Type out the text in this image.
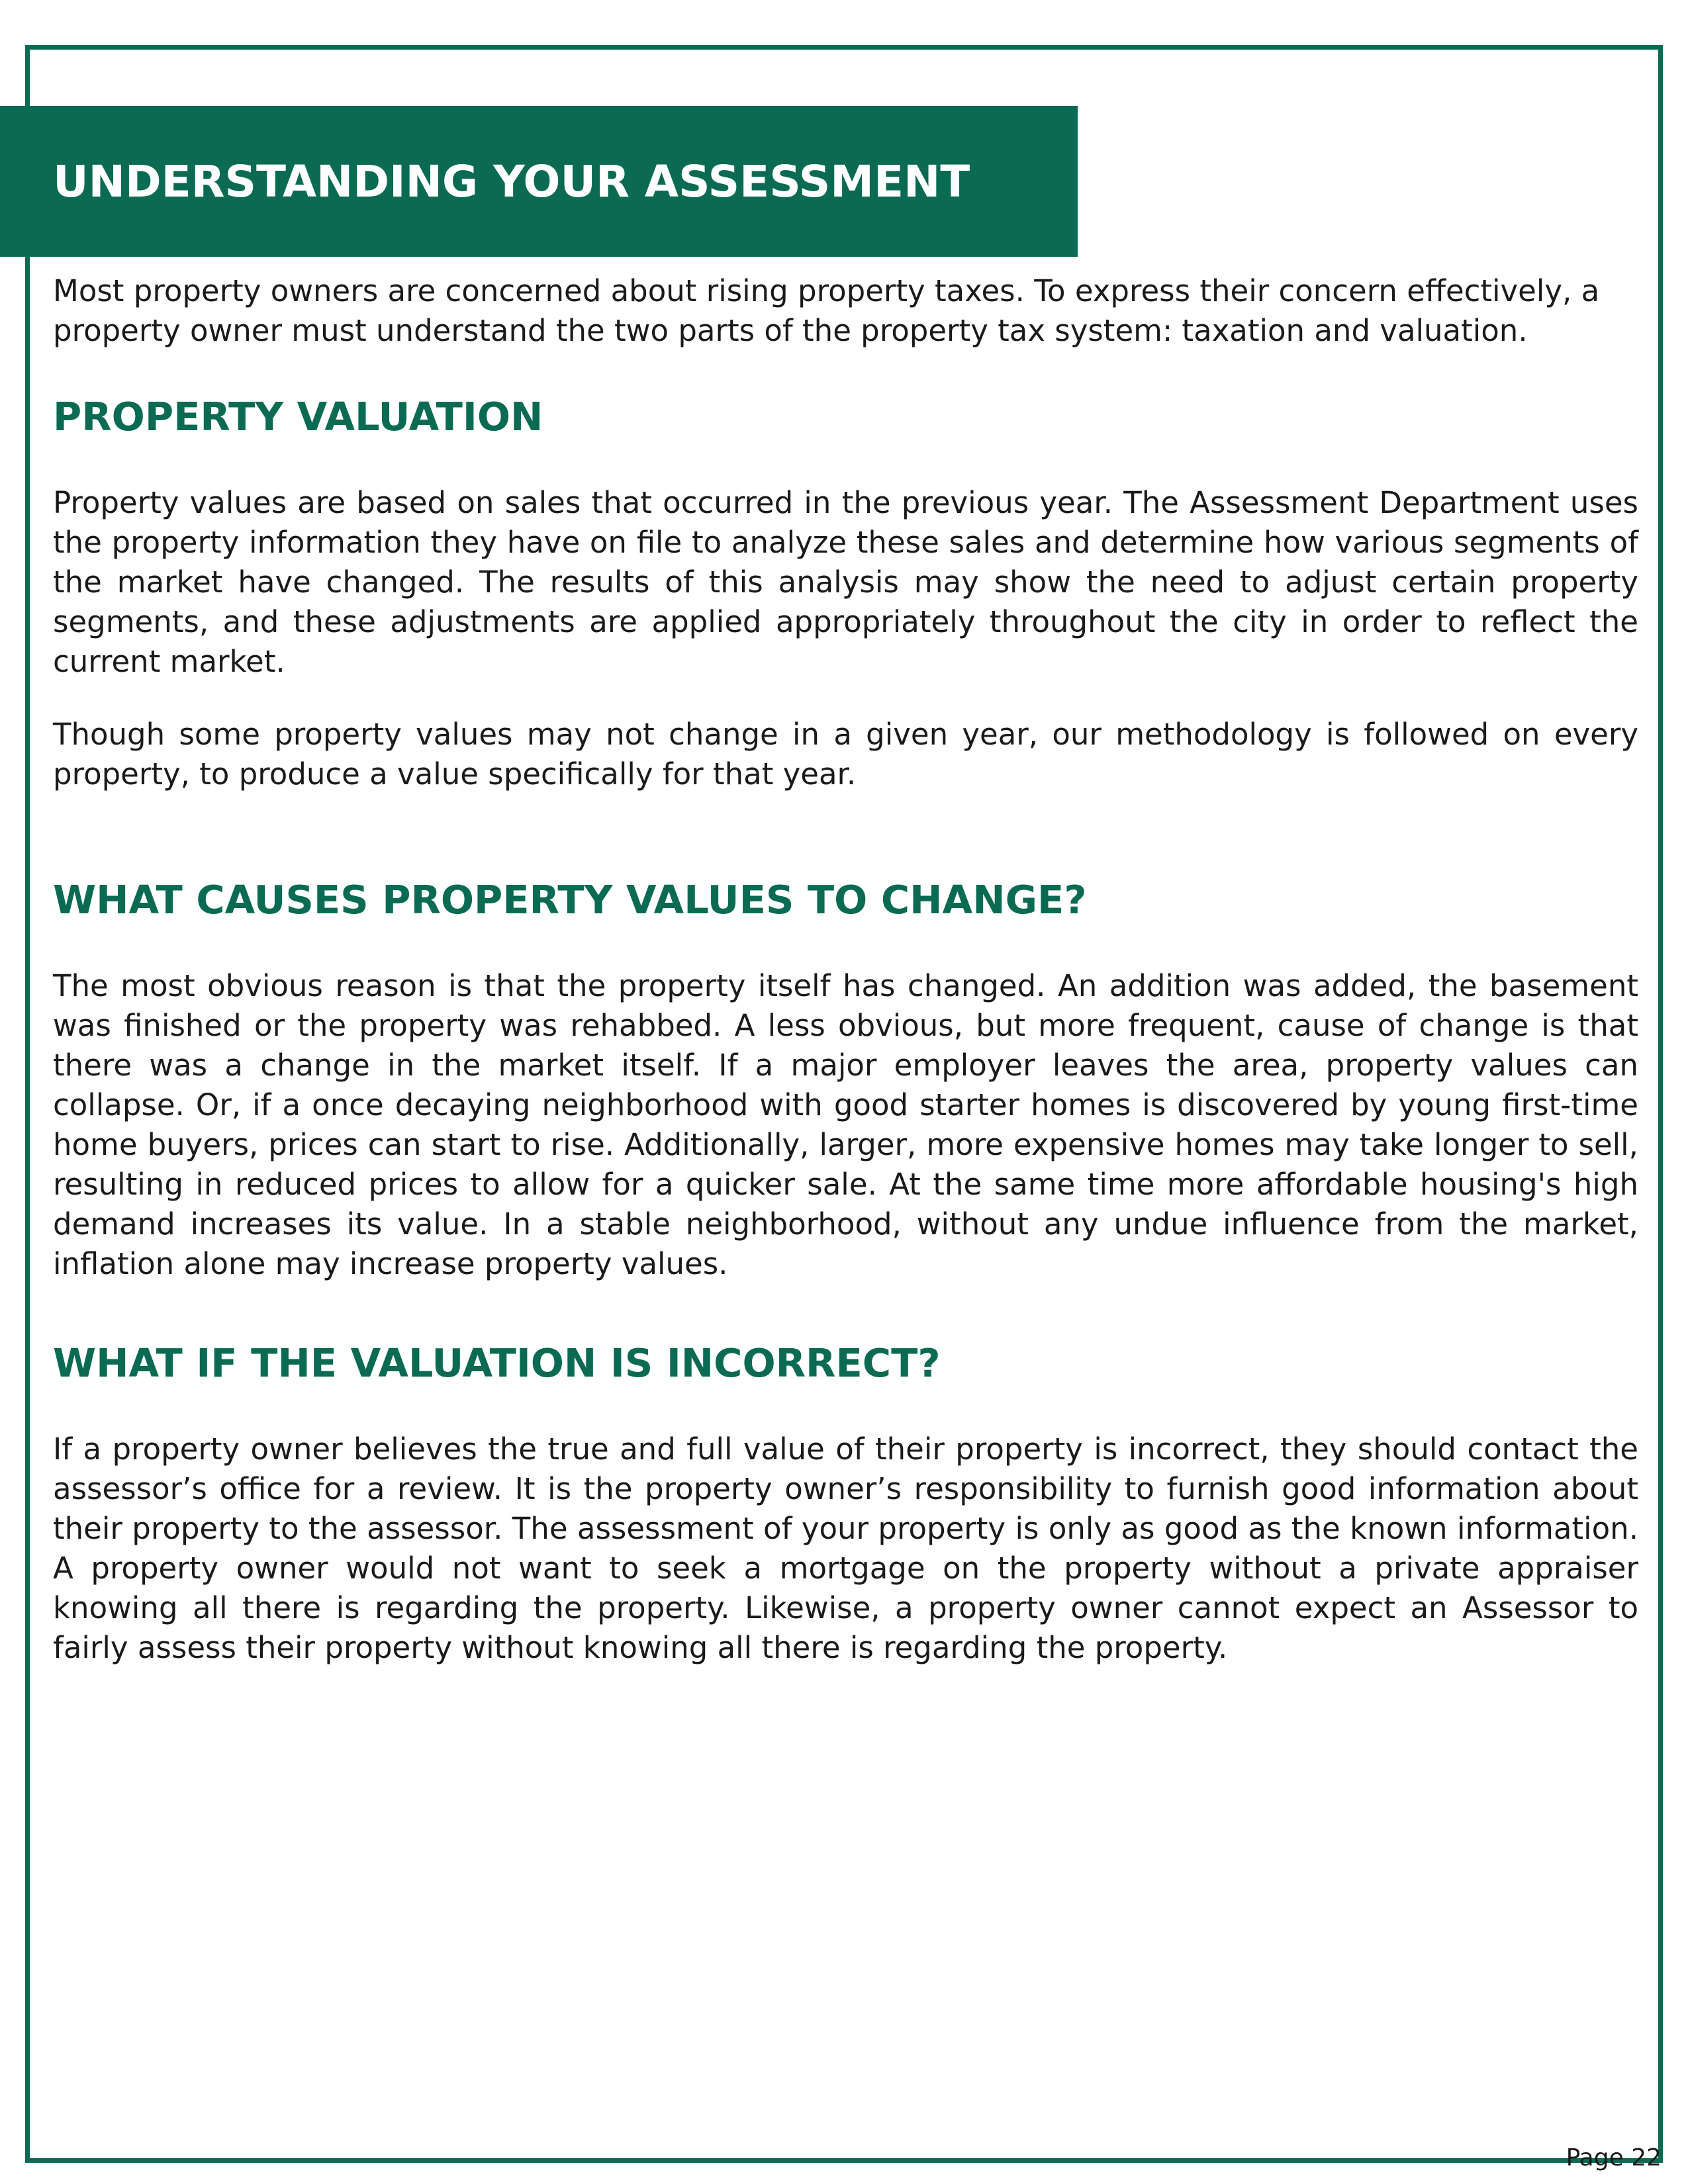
UNDERSTANDING YOUR ASSESSMENT

Most property owners are concerned about rising property taxes. To express their concern effectively, a property owner must understand the two parts of the property tax system: taxation and valuation.

PROPERTY VALUATION

Property values are based on sales that occurred in the previous year. The Assessment Department uses the property information they have on file to analyze these sales and determine how various segments of the market have changed. The results of this analysis may show the need to adjust certain property segments, and these adjustments are applied appropriately throughout the city in order to reflect the current market.

Though some property values may not change in a given year, our methodology is followed on every property, to produce a value specifically for that year.

WHAT CAUSES PROPERTY VALUES TO CHANGE?

The most obvious reason is that the property itself has changed. An addition was added, the basement was finished or the property was rehabbed. A less obvious, but more frequent, cause of change is that there was a change in the market itself. If a major employer leaves the area, property values can collapse. Or, if a once decaying neighborhood with good starter homes is discovered by young first-time home buyers, prices can start to rise. Additionally, larger, more expensive homes may take longer to sell, resulting in reduced prices to allow for a quicker sale. At the same time more affordable housing's high demand increases its value. In a stable neighborhood, without any undue influence from the market, inflation alone may increase property values.

WHAT IF THE VALUATION IS INCORRECT?

If a property owner believes the true and full value of their property is incorrect, they should contact the assessor’s office for a review. It is the property owner’s responsibility to furnish good information about their property to the assessor. The assessment of your property is only as good as the known information. A property owner would not want to seek a mortgage on the property without a private appraiser knowing all there is regarding the property. Likewise, a property owner cannot expect an Assessor to fairly assess their property without knowing all there is regarding the property.

Page 22
